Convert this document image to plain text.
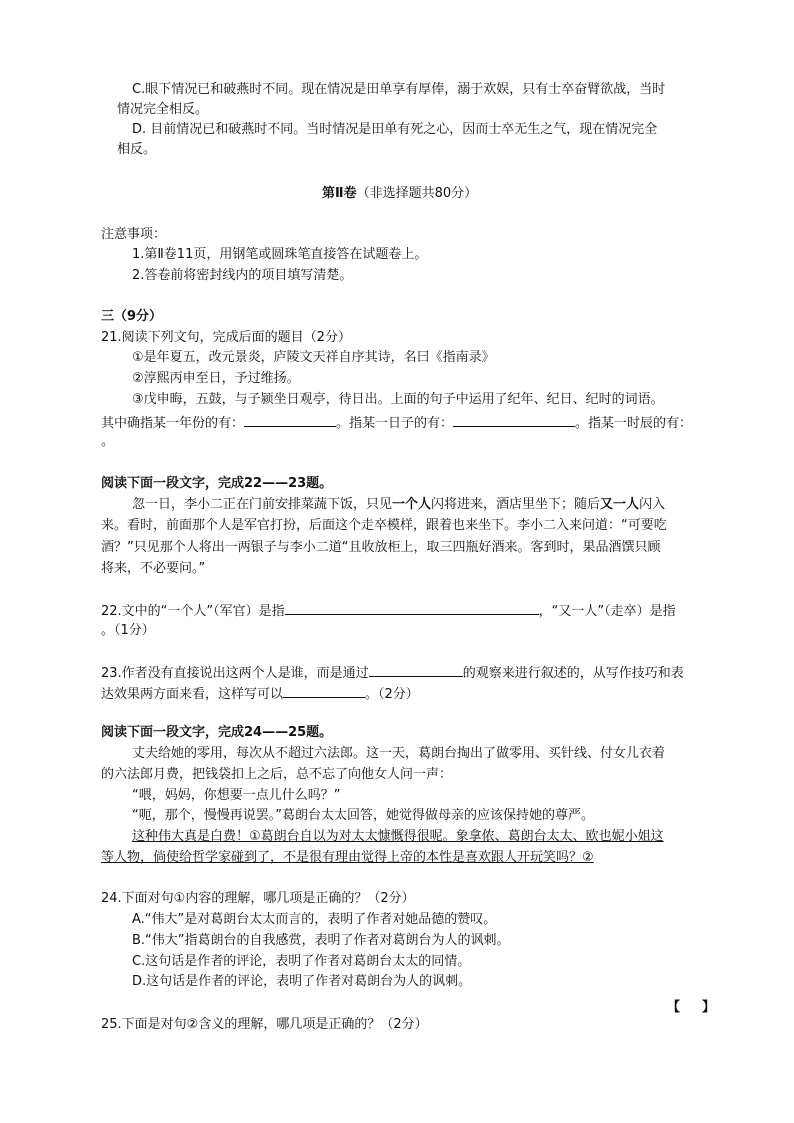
C.眼下情况已和破燕时不同。现在情况是田单享有厚俸，溺于欢娱，只有士卒奋臂欲战，当时
情况完全相反。
D. 目前情况已和破燕时不同。当时情况是田单有死之心，因而士卒无生之气，现在情况完全
相反。
第Ⅱ卷（非选择题共80分）
注意事项：
1.第Ⅱ卷11页，用钢笔或圆珠笔直接答在试题卷上。
2.答卷前将密封线内的项目填写清楚。
三（9分）
21.阅读下列文句，完成后面的题目（2分）
①是年夏五，改元景炎，庐陵文天祥自序其诗，名曰《指南录》
②淳熙丙申至日，予过维扬。
③戊申晦，五鼓，与子颍坐日观亭，待日出。上面的句子中运用了纪年、纪日、纪时的词语。
其中确指某一年份的有：	。指某一日子的有：	。指某一时辰的有：
。
阅读下面一段文字，完成22——23题。
忽一日，李小二正在门前安排菜蔬下饭，只见一个人闪将进来，酒店里坐下；随后又一人闪入
来。看时，前面那个人是军官打扮，后面这个走卒模样，跟着也来坐下。李小二入来问道：“可要吃
酒？”只见那个人将出一两银子与李小二道“且收放柜上，取三四瓶好酒来。客到时，果品酒馔只顾
将来，不必要问。”
22.文中的“一个人”（军官）是指	，“又一人”（走卒）是指
。（1分）
23.作者没有直接说出这两个人是谁，而是通过	的观察来进行叙述的，从写作技巧和表
达效果两方面来看，这样写可以	。（2分）
阅读下面一段文字，完成24——25题。
丈夫给她的零用，每次从不超过六法郎。这一天，葛朗台掏出了做零用、买针线、付女儿衣着
的六法郎月费，把钱袋扣上之后，总不忘了向他女人问一声：
“喂，妈妈，你想要一点儿什么吗？”
“呃，那个，慢慢再说罢。”葛朗台太太回答，她觉得做母亲的应该保持她的尊严。
这种伟大真是白费！①葛朗台自以为对太太慷慨得很呢。象拿侬、葛朗台太太、欧也妮小姐这
等人物，倘使给哲学家碰到了，不是很有理由觉得上帝的本性是喜欢跟人开玩笑吗？②
24.下面对句①内容的理解，哪几项是正确的？（2分）
A.“伟大”是对葛朗台太太而言的，表明了作者对她品德的赞叹。
B.“伟大”指葛朗台的自我感赏，表明了作者对葛朗台为人的讽刺。
C.这句话是作者的评论，表明了作者对葛朗台太太的同情。
D.这句话是作者的评论，表明了作者对葛朗台为人的讽刺。
【 】
25.下面是对句②含义的理解，哪几项是正确的？（2分）
